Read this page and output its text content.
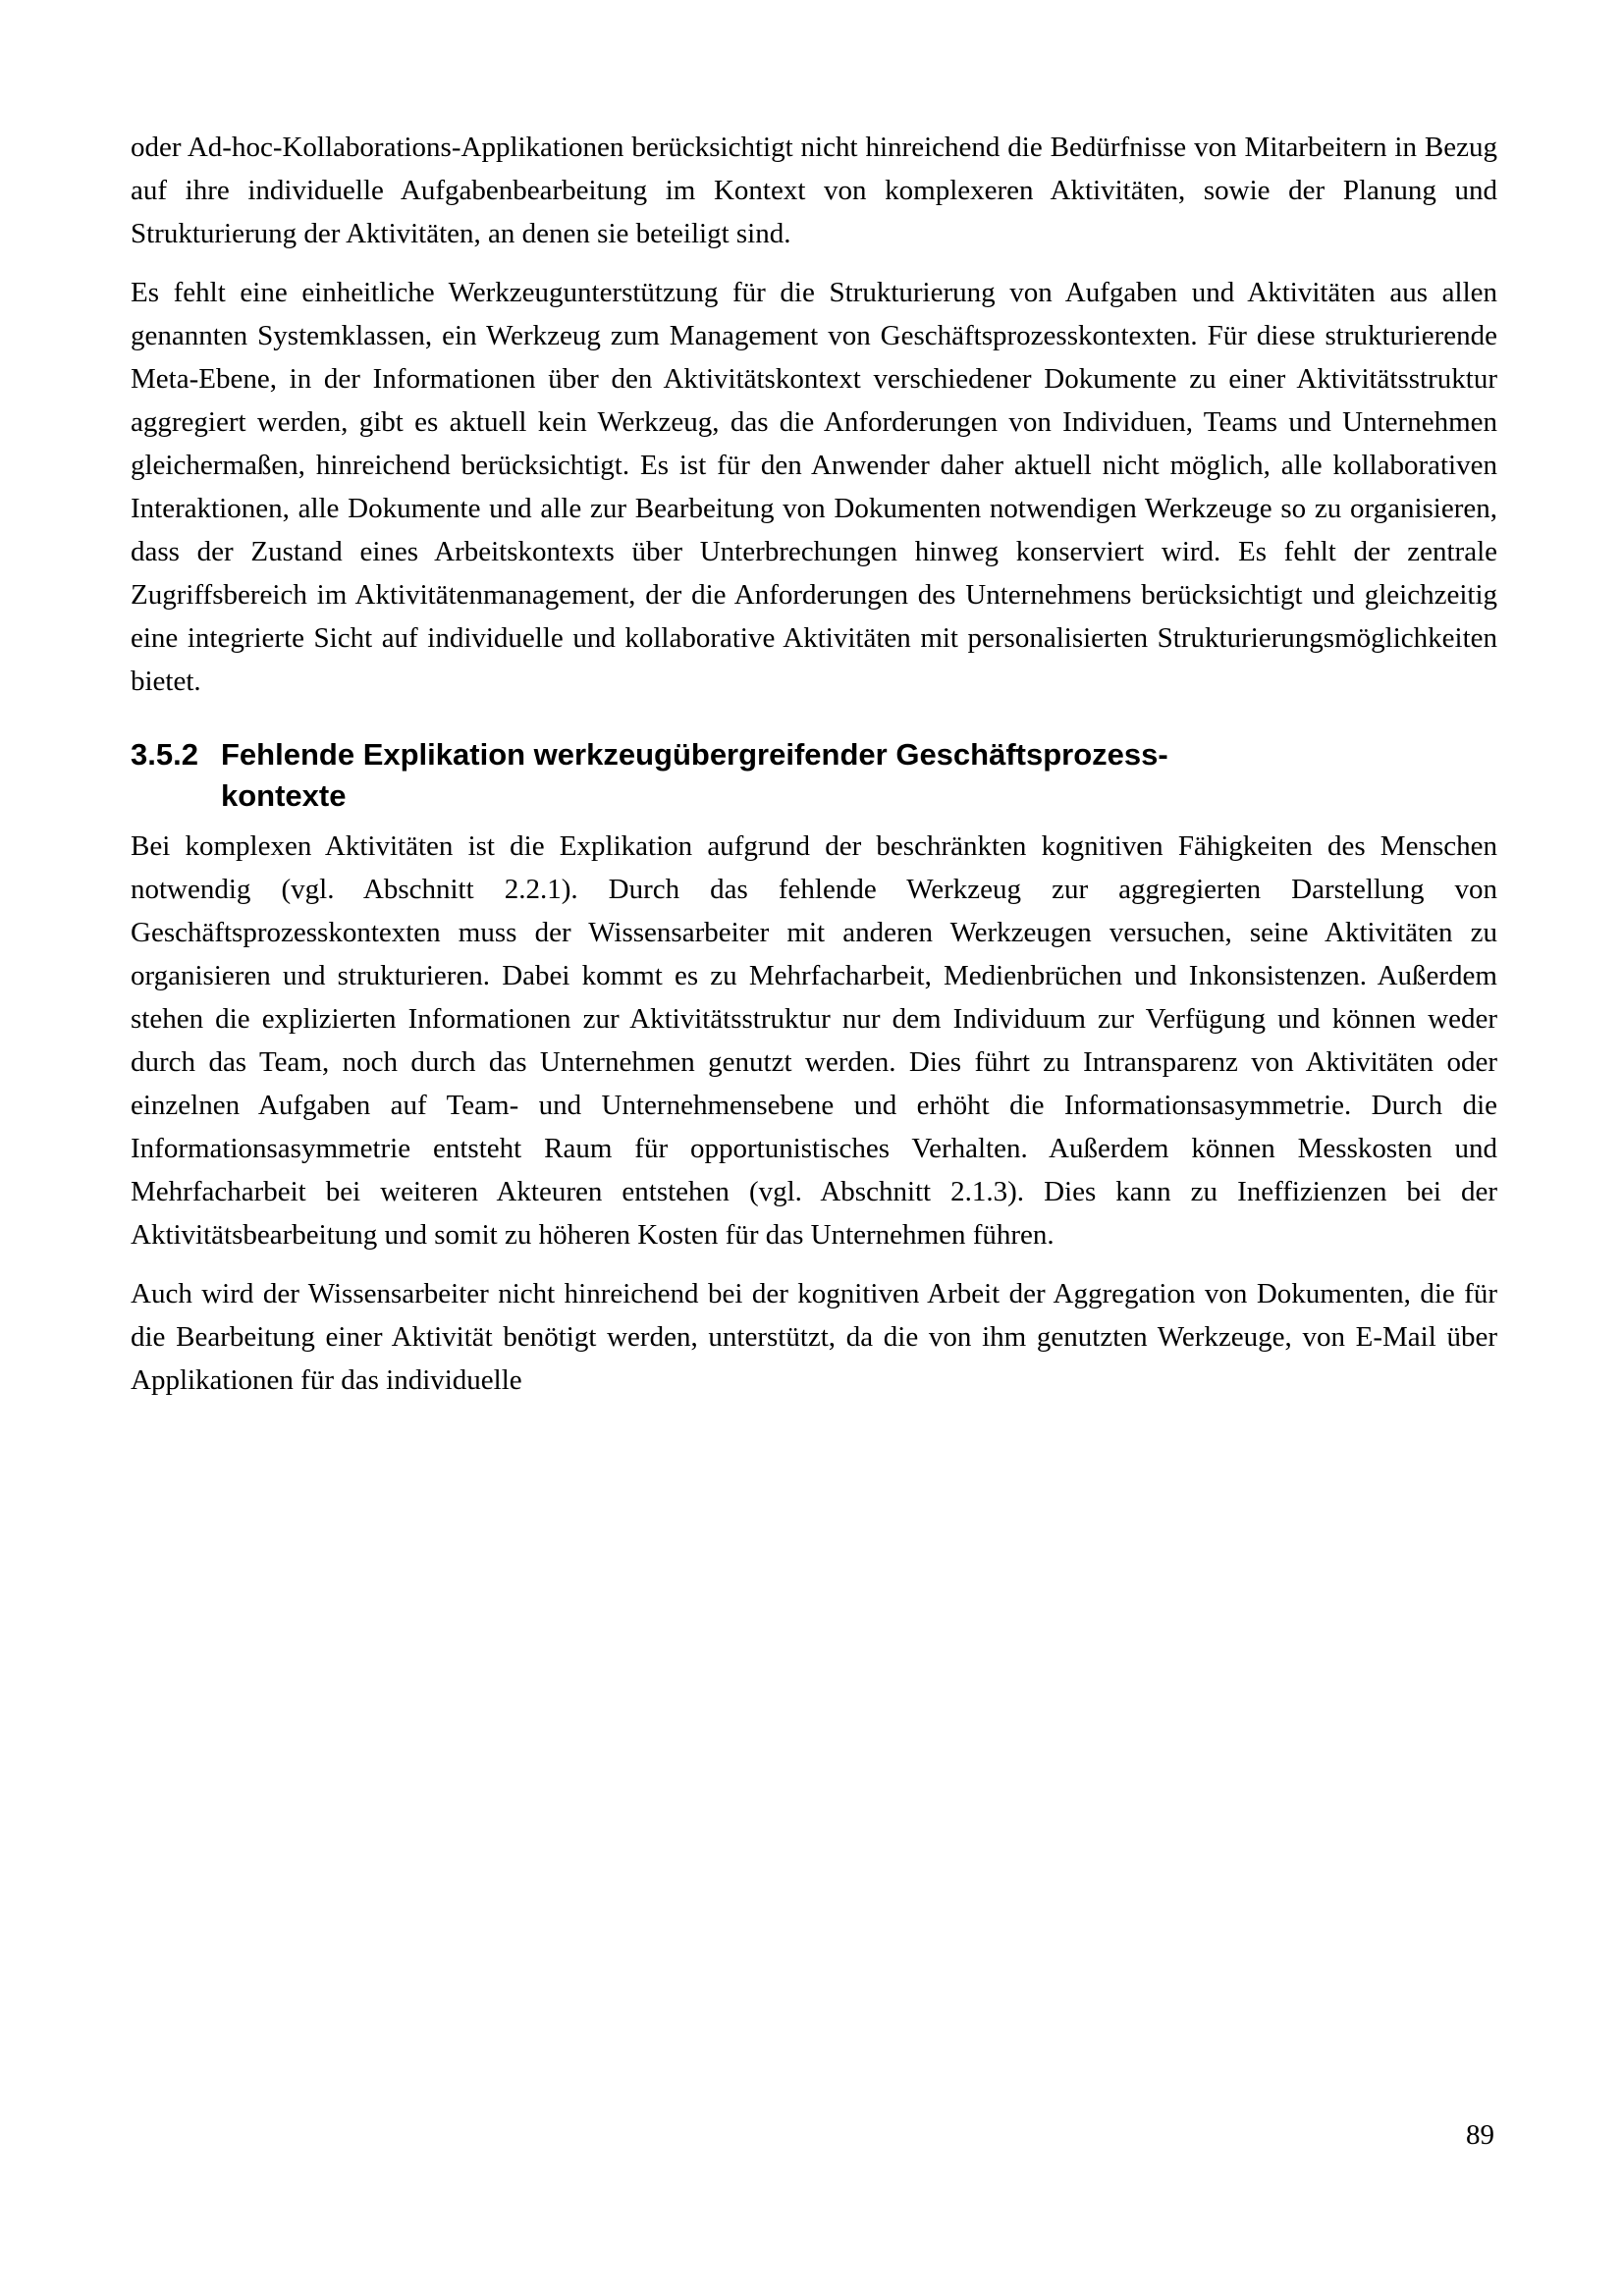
oder Ad-hoc-Kollaborations-Applikationen berücksichtigt nicht hinreichend die Bedürfnisse von Mitarbeitern in Bezug auf ihre individuelle Aufgabenbearbeitung im Kontext von komplexeren Aktivitäten, sowie der Planung und Strukturierung der Aktivitäten, an denen sie beteiligt sind.

Es fehlt eine einheitliche Werkzeugunterstützung für die Strukturierung von Aufgaben und Aktivitäten aus allen genannten Systemklassen, ein Werkzeug zum Management von Geschäftsprozesskontexten. Für diese strukturierende Meta-Ebene, in der Informationen über den Aktivitätskontext verschiedener Dokumente zu einer Aktivitätsstruktur aggregiert werden, gibt es aktuell kein Werkzeug, das die Anforderungen von Individuen, Teams und Unternehmen gleichermaßen, hinreichend berücksichtigt. Es ist für den Anwender daher aktuell nicht möglich, alle kollaborativen Interaktionen, alle Dokumente und alle zur Bearbeitung von Dokumenten notwendigen Werkzeuge so zu organisieren, dass der Zustand eines Arbeitskontexts über Unterbrechungen hinweg konserviert wird. Es fehlt der zentrale Zugriffsbereich im Aktivitätenmanagement, der die Anforderungen des Unternehmens berücksichtigt und gleichzeitig eine integrierte Sicht auf individuelle und kollaborative Aktivitäten mit personalisierten Strukturierungsmöglichkeiten bietet.

3.5.2 Fehlende Explikation werkzeugübergreifender Geschäftsprozess-
kontexte

Bei komplexen Aktivitäten ist die Explikation aufgrund der beschränkten kognitiven Fähigkeiten des Menschen notwendig (vgl. Abschnitt 2.2.1). Durch das fehlende Werkzeug zur aggregierten Darstellung von Geschäftsprozesskontexten muss der Wissensarbeiter mit anderen Werkzeugen versuchen, seine Aktivitäten zu organisieren und strukturieren. Dabei kommt es zu Mehrfacharbeit, Medienbrüchen und Inkonsistenzen. Außerdem stehen die explizierten Informationen zur Aktivitätsstruktur nur dem Individuum zur Verfügung und können weder durch das Team, noch durch das Unternehmen genutzt werden. Dies führt zu Intransparenz von Aktivitäten oder einzelnen Aufgaben auf Team- und Unternehmensebene und erhöht die Informationsasymmetrie. Durch die Informationsasymmetrie entsteht Raum für opportunistisches Verhalten. Außerdem können Messkosten und Mehrfacharbeit bei weiteren Akteuren entstehen (vgl. Abschnitt 2.1.3). Dies kann zu Ineffizienzen bei der Aktivitätsbearbeitung und somit zu höheren Kosten für das Unternehmen führen.

Auch wird der Wissensarbeiter nicht hinreichend bei der kognitiven Arbeit der Aggregation von Dokumenten, die für die Bearbeitung einer Aktivität benötigt werden, unterstützt, da die von ihm genutzten Werkzeuge, von E-Mail über Applikationen für das individuelle

89
